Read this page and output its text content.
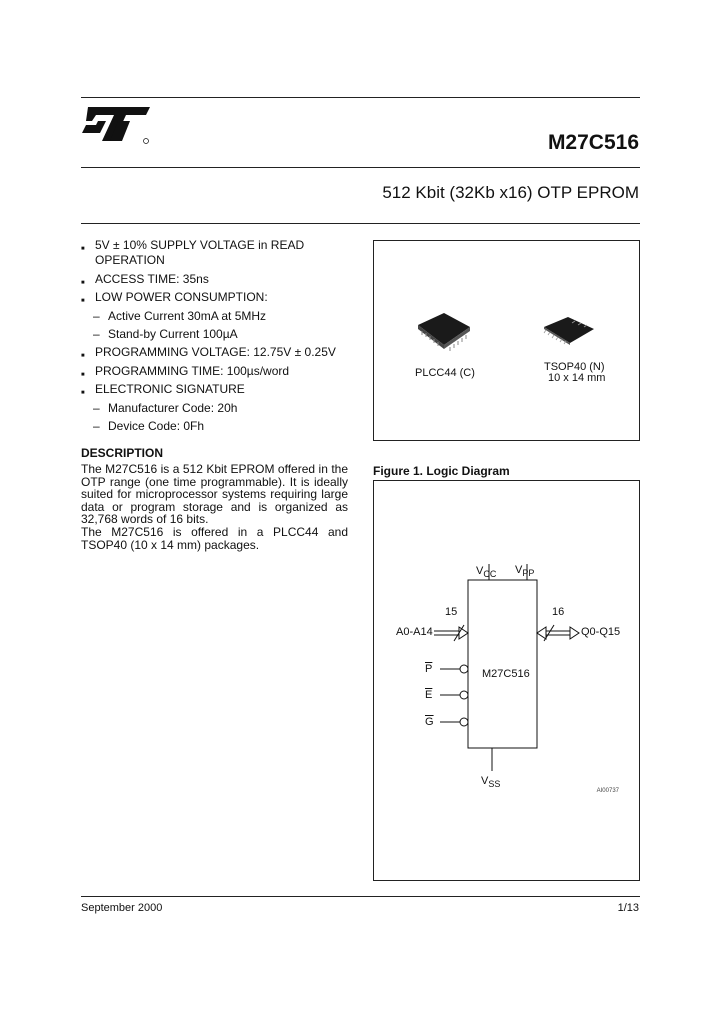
M27C516
512 Kbit (32Kb x16) OTP EPROM
■ 5V ± 10% SUPPLY VOLTAGE in READ
OPERATION
■ ACCESS TIME: 35ns
■ LOW POWER CONSUMPTION:
– Active Current 30mA at 5MHz
– Stand-by Current 100µA
■ PROGRAMMING VOLTAGE: 12.75V ± 0.25V
■ PROGRAMMING TIME: 100µs/word
■ ELECTRONIC SIGNATURE
– Manufacturer Code: 20h
– Device Code: 0Fh
DESCRIPTION

The M27C516 is a 512 Kbit EPROM offered in the OTP range (one time programmable). It is ideally suited for microprocessor systems requiring large data or program storage and is organized as 32,768 words of 16 bits.

The M27C516 is offered in a PLCC44 and TSOP40 (10 x 14 mm) packages.

PLCC44 (C)	TSOP40 (N)
10 x 14 mm
Figure 1. Logic Diagram
$V_{CC}$ $V_{PP}$
15	16
A0-A14	Q0-Q15
M27C516
$\overline{P}$
$\overline{E}$
$\overline{G}$
$V_{SS}$
AI00737
September 2000	1/13
